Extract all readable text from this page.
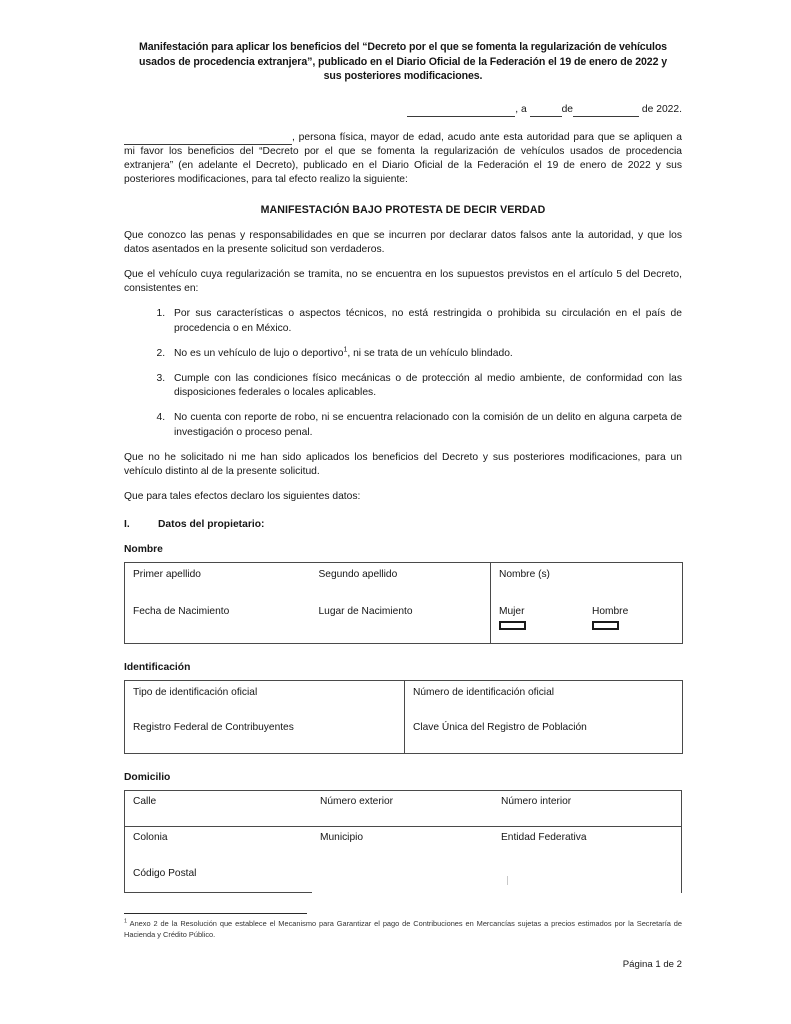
Manifestación para aplicar los beneficios del “Decreto por el que se fomenta la regularización de vehículos usados de procedencia extranjera”, publicado en el Diario Oficial de la Federación el 19 de enero de 2022 y sus posteriores modificaciones.
, a	de	de 2022.

, persona física, mayor de edad, acudo ante esta autoridad para que se apliquen a mi favor los beneficios del “Decreto por el que se fomenta la regularización de vehículos usados de procedencia extranjera” (en adelante el Decreto), publicado en el Diario Oficial de la Federación el 19 de enero de 2022 y sus posteriores modificaciones, para tal efecto realizo la siguiente:

MANIFESTACIÓN BAJO PROTESTA DE DECIR VERDAD

Que conozco las penas y responsabilidades en que se incurren por declarar datos falsos ante la autoridad, y que los datos asentados en la presente solicitud son verdaderos.

Que el vehículo cuya regularización se tramita, no se encuentra en los supuestos previstos en el artículo 5 del Decreto, consistentes en:

1. Por sus características o aspectos técnicos, no está restringida o prohibida su circulación en el país de procedencia o en México.
2. No es un vehículo de lujo o deportivo$^1$, ni se trata de un vehículo blindado.
3. Cumple con las condiciones físico mecánicas o de protección al medio ambiente, de conformidad con las disposiciones federales o locales aplicables.
4. No cuenta con reporte de robo, ni se encuentra relacionado con la comisión de un delito en alguna carpeta de investigación o proceso penal.

Que no he solicitado ni me han sido aplicados los beneficios del Decreto y sus posteriores modificaciones, para un vehículo distinto al de la presente solicitud.

Que para tales efectos declaro los siguientes datos:

I.	Datos del propietario:
Nombre
Primer apellido	Segundo apellido	Nombre (s)
Fecha de Nacimiento	Lugar de Nacimiento	Mujer Hombre
Identificación
Tipo de identificación oficial	Número de identificación oficial
Registro Federal de Contribuyentes	Clave Única del Registro de Población
Domicilio
Calle	Número exterior	Número interior
Colonia	Municipio	Entidad Federativa
Código Postal

$^1$ Anexo 2 de la Resolución que establece el Mecanismo para Garantizar el pago de Contribuciones en Mercancías sujetas a precios estimados por la Secretaría de Hacienda y Crédito Público.

Página 1 de 2
